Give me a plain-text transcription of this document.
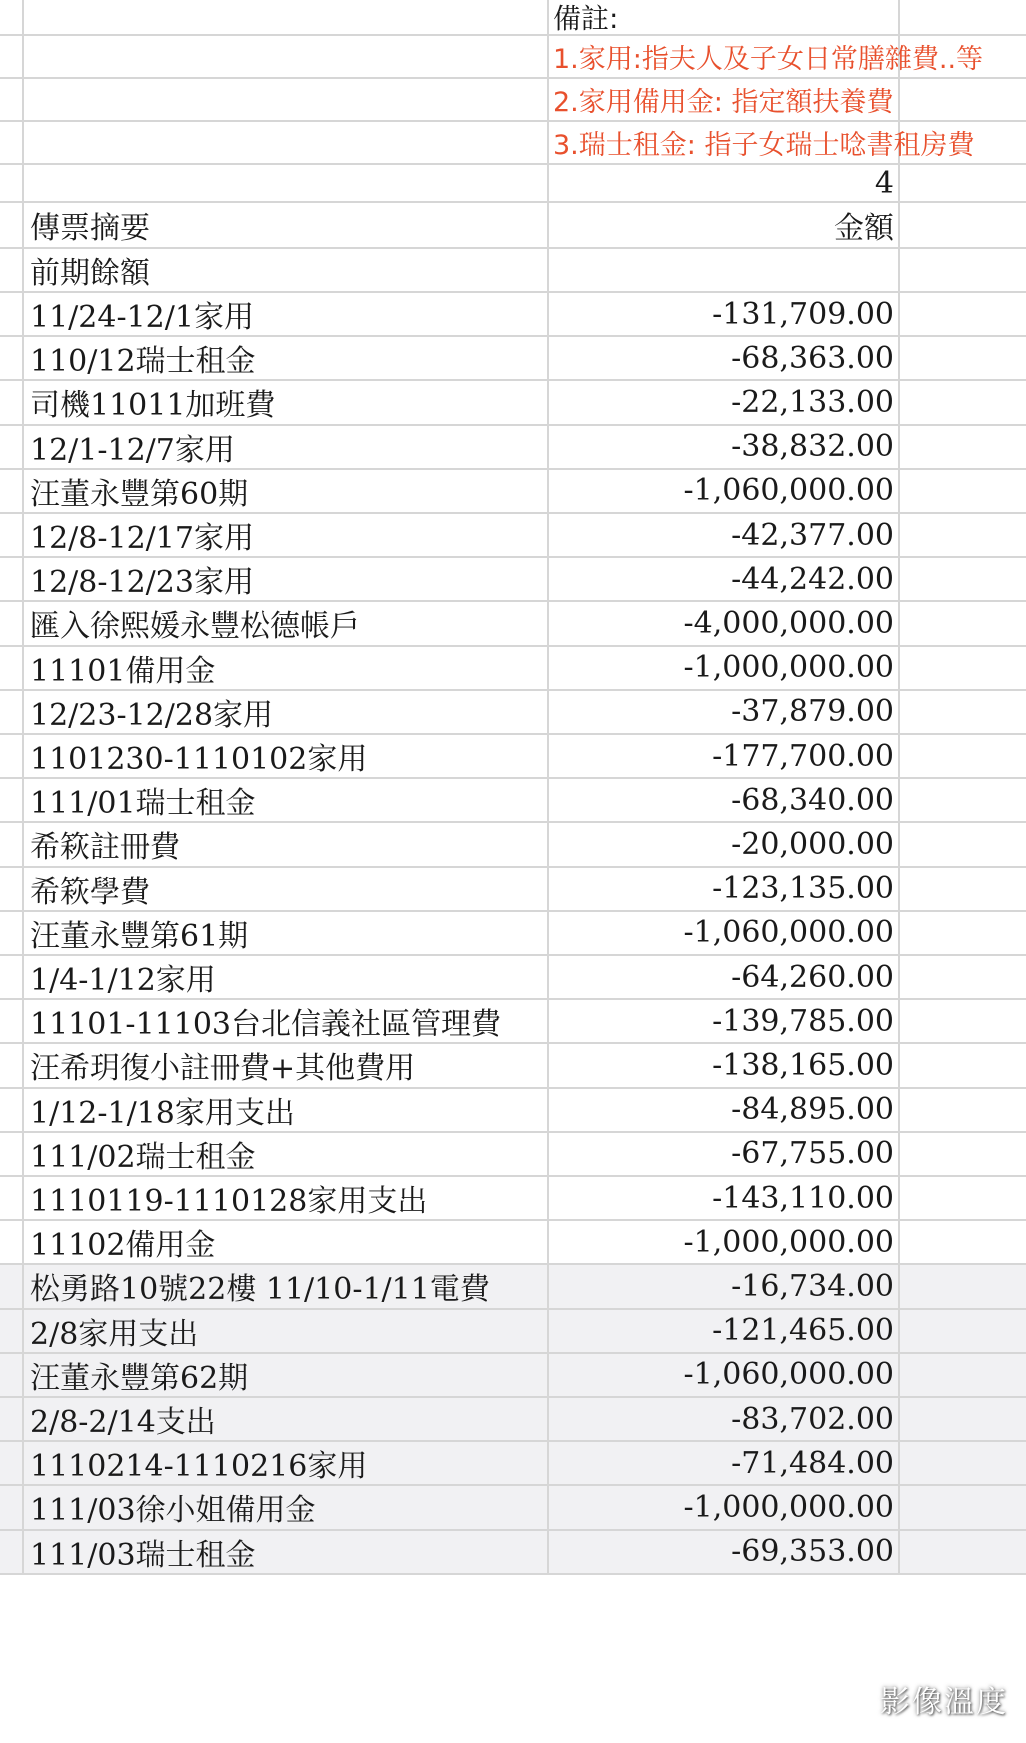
備註:
1.家用:指夫人及子女日常膳雜費..等
2.家用備用金: 指定額扶養費
3.瑞士租金: 指子女瑞士唸書租房費
4
傳票摘要	金額
前期餘額
11/24-12/1家用	-131,709.00
110/12瑞士租金	-68,363.00
司機11011加班費	-22,133.00
12/1-12/7家用	-38,832.00
汪董永豐第60期	-1,060,000.00
12/8-12/17家用	-42,377.00
12/8-12/23家用	-44,242.00
匯入徐熙媛永豐松德帳戶	-4,000,000.00
11101備用金	-1,000,000.00
12/23-12/28家用	-37,879.00
1101230-1110102家用	-177,700.00
111/01瑞士租金	-68,340.00
希篍註冊費	-20,000.00
希篍學費	-123,135.00
汪董永豐第61期	-1,060,000.00
1/4-1/12家用	-64,260.00
11101-11103台北信義社區管理費	-139,785.00
汪希玥復小註冊費+其他費用	-138,165.00
1/12-1/18家用支出	-84,895.00
111/02瑞士租金	-67,755.00
1110119-1110128家用支出	-143,110.00
11102備用金	-1,000,000.00
松勇路10號22樓 11/10-1/11電費	-16,734.00
2/8家用支出	-121,465.00
汪董永豐第62期	-1,060,000.00
2/8-2/14支出	-83,702.00
1110214-1110216家用	-71,484.00
111/03徐小姐備用金	-1,000,000.00
111/03瑞士租金	-69,353.00
影像溫度
